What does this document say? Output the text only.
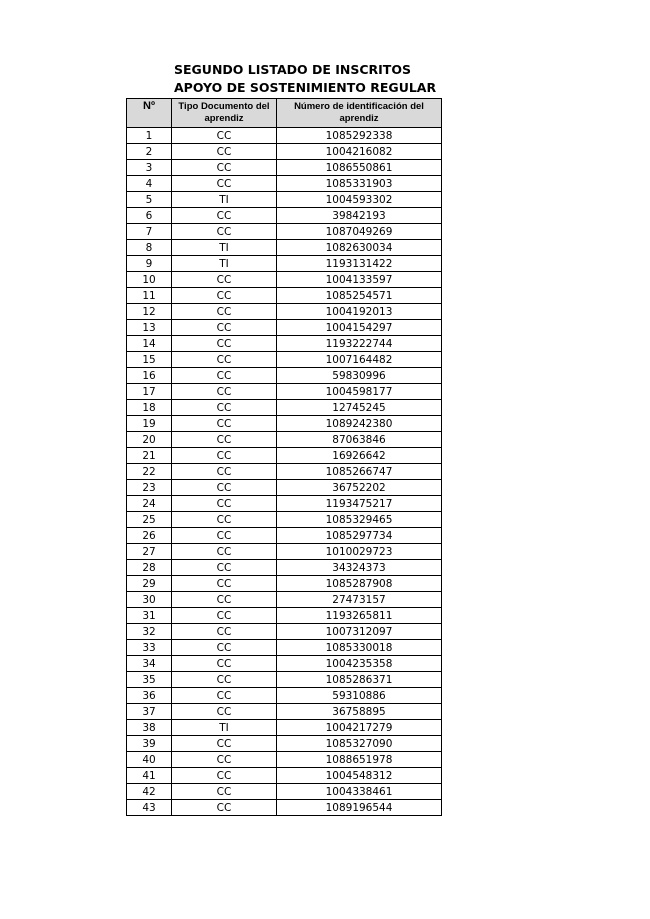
SEGUNDO LISTADO DE INSCRITOS
APOYO DE SOSTENIMIENTO REGULAR
Nº	Tipo Documento del aprendiz	Número de identificación del aprendiz
1	CC	1085292338
2	CC	1004216082
3	CC	1086550861
4	CC	1085331903
5	TI	1004593302
6	CC	39842193
7	CC	1087049269
8	TI	1082630034
9	TI	1193131422
10	CC	1004133597
11	CC	1085254571
12	CC	1004192013
13	CC	1004154297
14	CC	1193222744
15	CC	1007164482
16	CC	59830996
17	CC	1004598177
18	CC	12745245
19	CC	1089242380
20	CC	87063846
21	CC	16926642
22	CC	1085266747
23	CC	36752202
24	CC	1193475217
25	CC	1085329465
26	CC	1085297734
27	CC	1010029723
28	CC	34324373
29	CC	1085287908
30	CC	27473157
31	CC	1193265811
32	CC	1007312097
33	CC	1085330018
34	CC	1004235358
35	CC	1085286371
36	CC	59310886
37	CC	36758895
38	TI	1004217279
39	CC	1085327090
40	CC	1088651978
41	CC	1004548312
42	CC	1004338461
43	CC	1089196544
